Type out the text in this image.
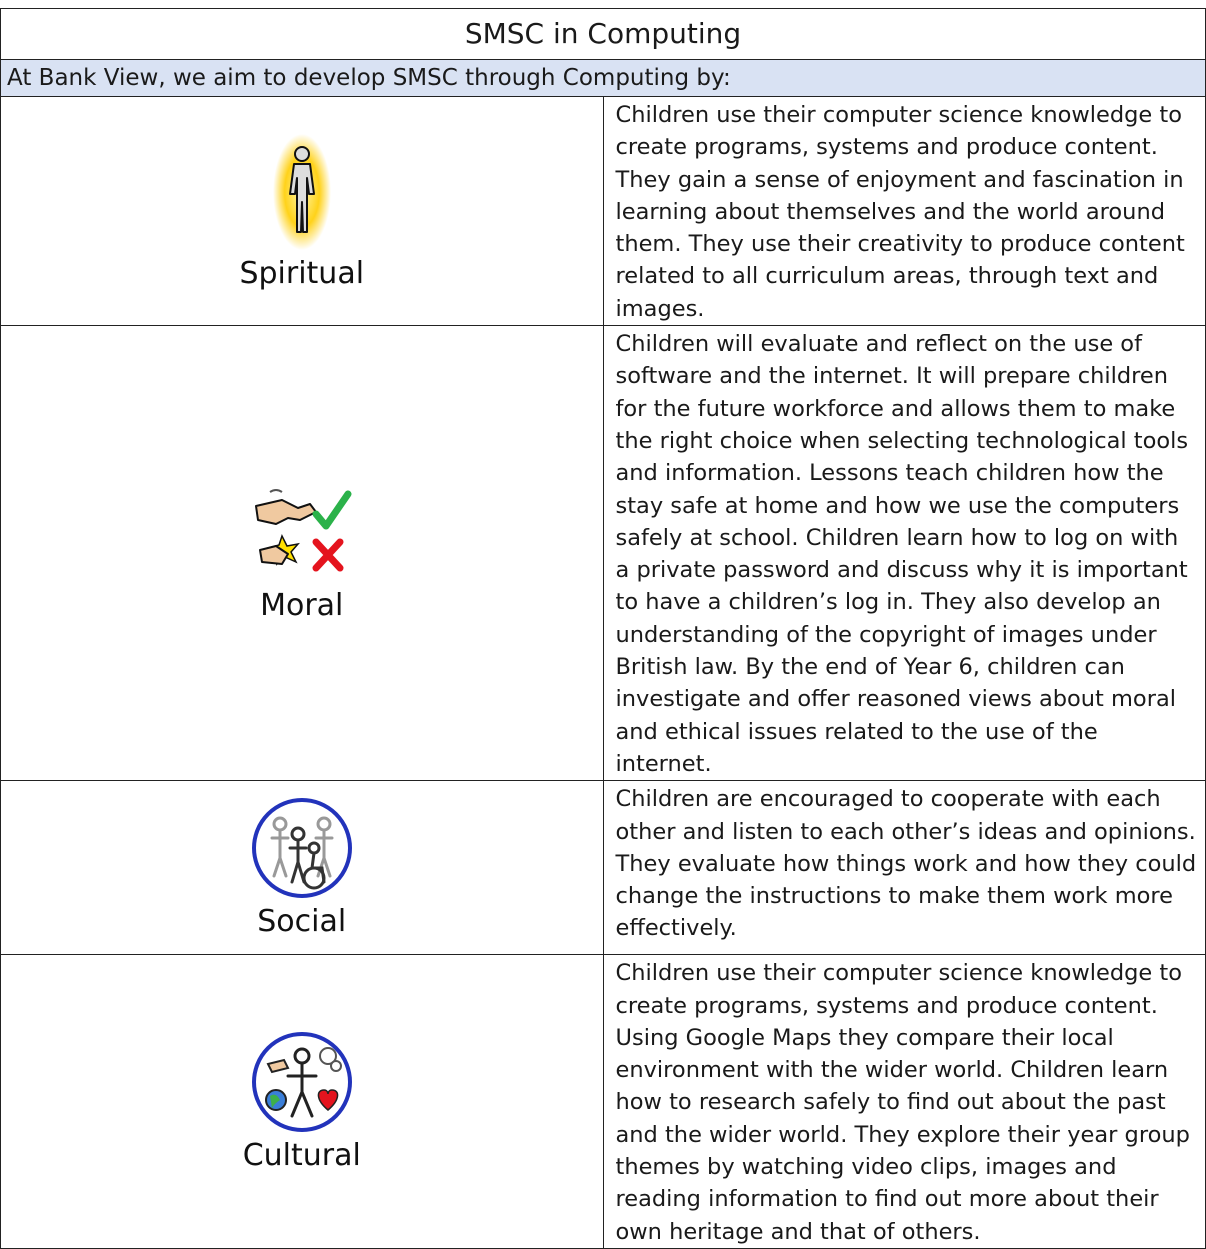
SMSC in Computing	
At Bank View, we aim to develop SMSC through Computing by:	

Spiritual	Children use their computer science knowledge to create programs, systems and produce content. They gain a sense of enjoyment and fascination in learning about themselves and the world around them. They use their creativity to produce content related to all curriculum areas, through text and images.

Moral	Children will evaluate and reflect on the use of software and the internet. It will prepare children for the future workforce and allows them to make the right choice when selecting technological tools and information. Lessons teach children how the stay safe at home and how we use the computers safely at school. Children learn how to log on with a private password and discuss why it is important to have a children’s log in. They also develop an understanding of the copyright of images under British law. By the end of Year 6, children can investigate and offer reasoned views about moral and ethical issues related to the use of the internet.

Social	Children are encouraged to cooperate with each other and listen to each other’s ideas and opinions. They evaluate how things work and how they could change the instructions to make them work more effectively.

Cultural	Children use their computer science knowledge to create programs, systems and produce content. Using Google Maps they compare their local environment with the wider world. Children learn how to research safely to find out about the past and the wider world. They explore their year group themes by watching video clips, images and reading information to find out more about their own heritage and that of others.
